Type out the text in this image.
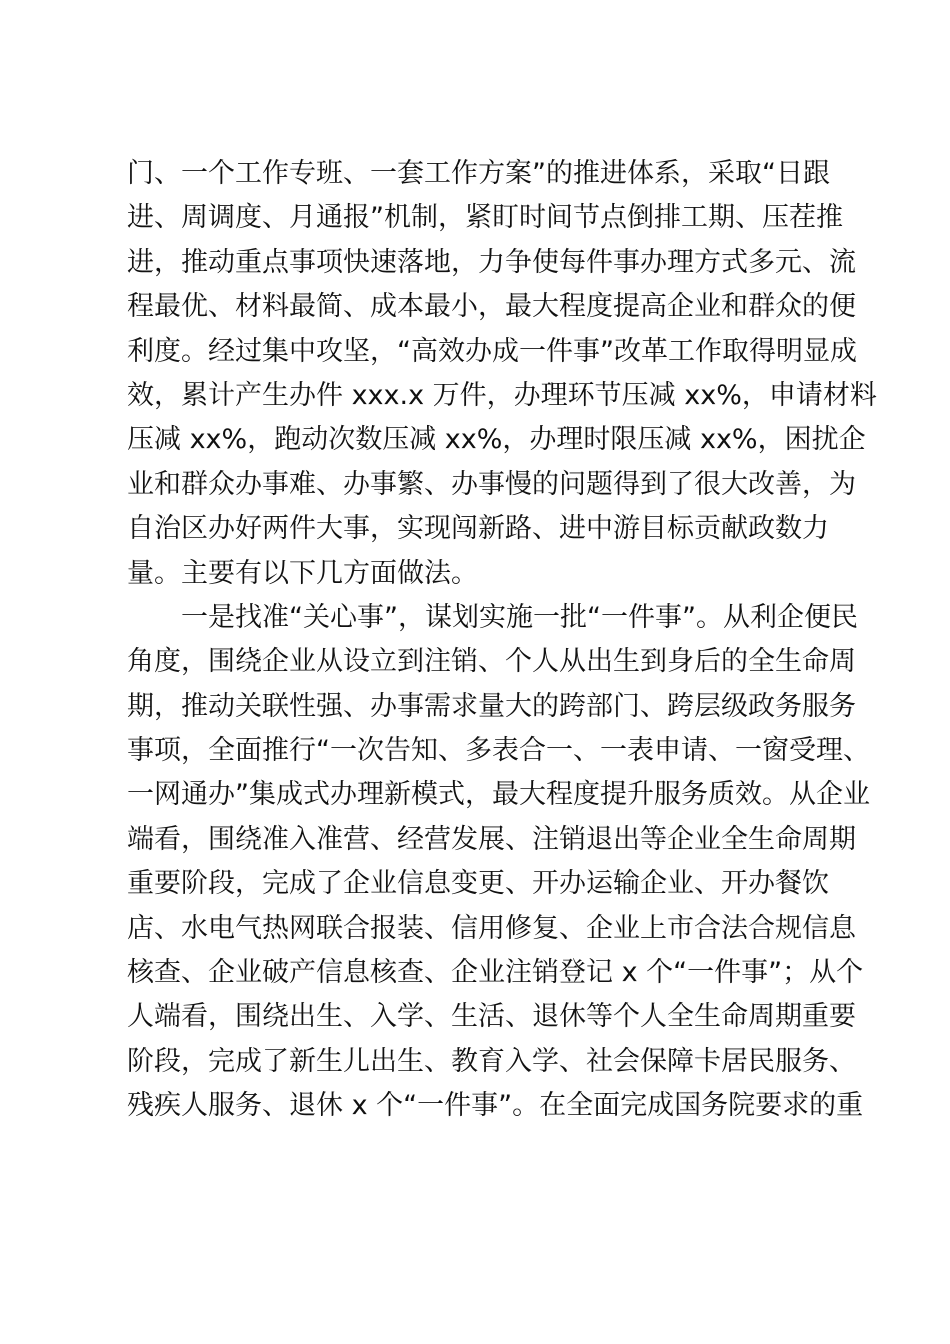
门、一个工作专班、一套工作方案”的推进体系，采取“日跟
进、周调度、月通报”机制，紧盯时间节点倒排工期、压茬推
进，推动重点事项快速落地，力争使每件事办理方式多元、流
程最优、材料最简、成本最小，最大程度提高企业和群众的便
利度。经过集中攻坚，“高效办成一件事”改革工作取得明显成
效，累计产生办件 xxx.x 万件，办理环节压减 xx%，申请材料
压减 xx%，跑动次数压减 xx%，办理时限压减 xx%，困扰企
业和群众办事难、办事繁、办事慢的问题得到了很大改善，为
自治区办好两件大事，实现闯新路、进中游目标贡献政数力
量。主要有以下几方面做法。
一是找准“关心事”，谋划实施一批“一件事”。从利企便民
角度，围绕企业从设立到注销、个人从出生到身后的全生命周
期，推动关联性强、办事需求量大的跨部门、跨层级政务服务
事项，全面推行“一次告知、多表合一、一表申请、一窗受理、
一网通办”集成式办理新模式，最大程度提升服务质效。从企业
端看，围绕准入准营、经营发展、注销退出等企业全生命周期
重要阶段，完成了企业信息变更、开办运输企业、开办餐饮
店、水电气热网联合报装、信用修复、企业上市合法合规信息
核查、企业破产信息核查、企业注销登记 x 个“一件事”；从个
人端看，围绕出生、入学、生活、退休等个人全生命周期重要
阶段，完成了新生儿出生、教育入学、社会保障卡居民服务、
残疾人服务、退休 x 个“一件事”。在全面完成国务院要求的重
